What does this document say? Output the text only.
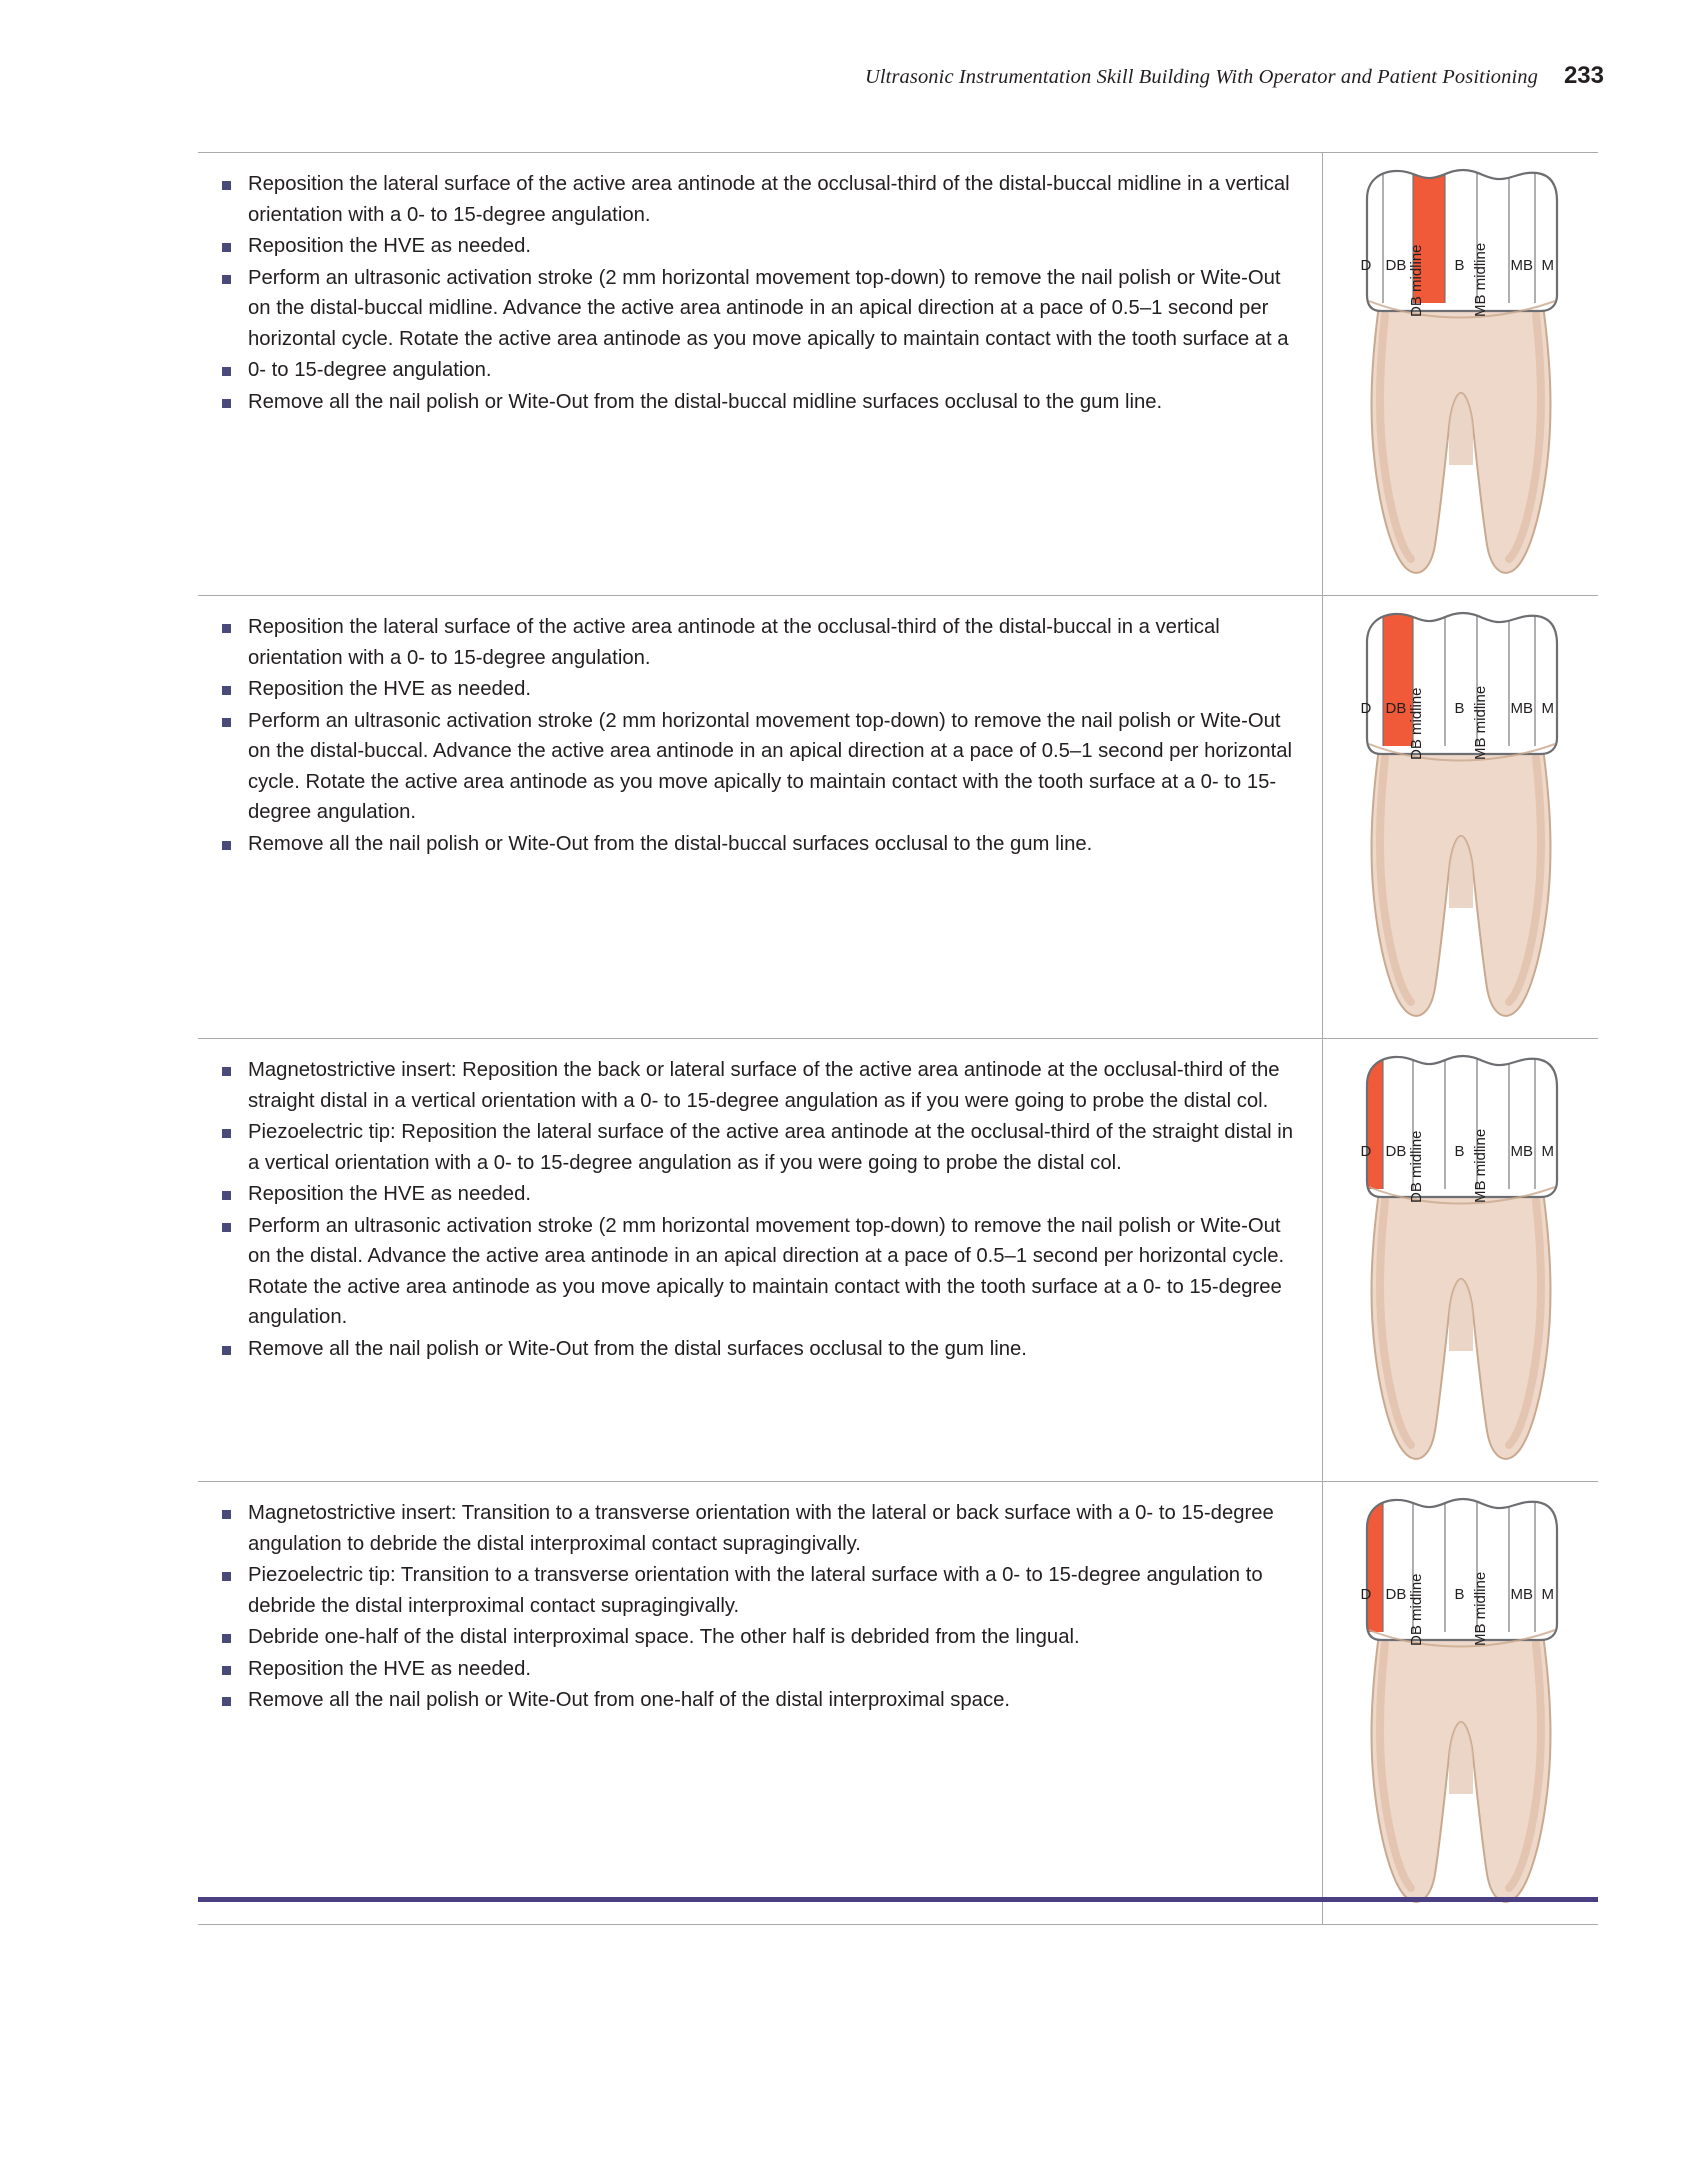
Ultrasonic Instrumentation Skill Building With Operator and Patient Positioning 233
Reposition the lateral surface of the active area antinode at the occlusal-third of the distal-buccal midline in a vertical orientation with a 0- to 15-degree angulation.
Reposition the HVE as needed.
Perform an ultrasonic activation stroke (2 mm horizontal movement top-down) to remove the nail polish or Wite-Out on the distal-buccal midline. Advance the active area antinode in an apical direction at a pace of 0.5–1 second per horizontal cycle. Rotate the active area antinode as you move apically to maintain contact with the tooth surface at a
0- to 15-degree angulation.
Remove all the nail polish or Wite-Out from the distal-buccal midline surfaces occlusal to the gum line.
D DB	B	MB M
DB midline	MB midline
Reposition the lateral surface of the active area antinode at the occlusal-third of the distal-buccal in a vertical orientation with a 0- to 15-degree angulation.
Reposition the HVE as needed.
Perform an ultrasonic activation stroke (2 mm horizontal movement top-down) to remove the nail polish or Wite-Out on the distal-buccal. Advance the active area antinode in an apical direction at a pace of 0.5–1 second per horizontal cycle. Rotate the active area antinode as you move apically to maintain contact with the tooth surface at a 0- to 15-degree angulation.
Remove all the nail polish or Wite-Out from the distal-buccal surfaces occlusal to the gum line.
D DB	B	MB M
DB midline	MB midline
Magnetostrictive insert: Reposition the back or lateral surface of the active area antinode at the occlusal-third of the straight distal in a vertical orientation with a 0- to 15-degree angulation as if you were going to probe the distal col.
Piezoelectric tip: Reposition the lateral surface of the active area antinode at the occlusal-third of the straight distal in a vertical orientation with a 0- to 15-degree angulation as if you were going to probe the distal col.
Reposition the HVE as needed.
Perform an ultrasonic activation stroke (2 mm horizontal movement top-down) to remove the nail polish or Wite-Out on the distal. Advance the active area antinode in an apical direction at a pace of 0.5–1 second per horizontal cycle. Rotate the active area antinode as you move apically to maintain contact with the tooth surface at a 0- to 15-degree angulation.
Remove all the nail polish or Wite-Out from the distal surfaces occlusal to the gum line.
D DB	B	MB M
DB midline	MB midline
Magnetostrictive insert: Transition to a transverse orientation with the lateral or back surface with a 0- to 15-degree angulation to debride the distal interproximal contact supragingivally.
Piezoelectric tip: Transition to a transverse orientation with the lateral surface with a 0- to 15-degree angulation to debride the distal interproximal contact supragingivally.
Debride one-half of the distal interproximal space. The other half is debrided from the lingual.
Reposition the HVE as needed.
Remove all the nail polish or Wite-Out from one-half of the distal interproximal space.
D DB	B	MB M
DB midline	MB midline
